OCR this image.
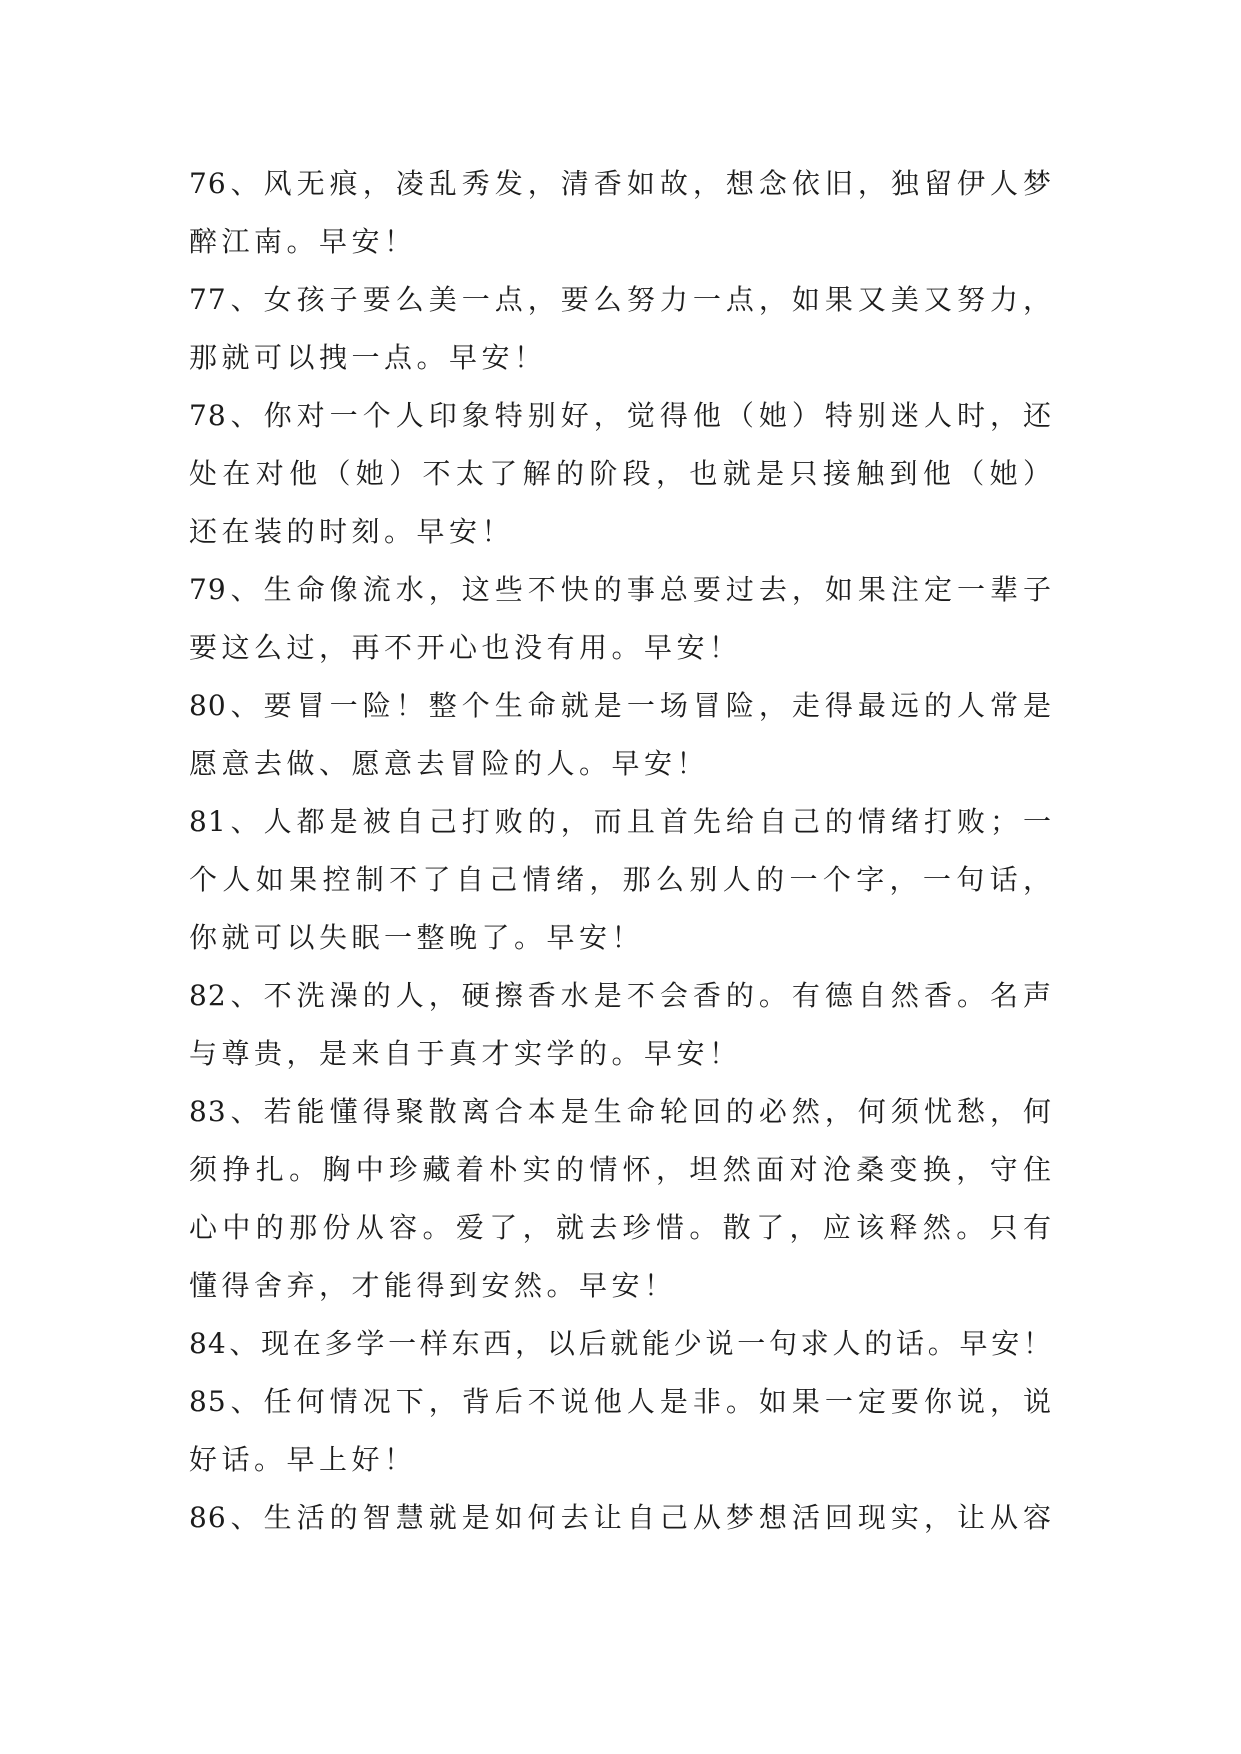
76、风无痕，凌乱秀发，清香如故，想念依旧，独留伊人梦
醉江南。早安！
77、女孩子要么美一点，要么努力一点，如果又美又努力，
那就可以拽一点。早安！
78、你对一个人印象特别好，觉得他（她）特别迷人时，还
处在对他（她）不太了解的阶段，也就是只接触到他（她）
还在装的时刻。早安！
79、生命像流水，这些不快的事总要过去，如果注定一辈子
要这么过，再不开心也没有用。早安！
80、要冒一险！整个生命就是一场冒险，走得最远的人常是
愿意去做、愿意去冒险的人。早安！
81、人都是被自己打败的，而且首先给自己的情绪打败；一
个人如果控制不了自己情绪，那么别人的一个字，一句话，
你就可以失眠一整晚了。早安！
82、不洗澡的人，硬擦香水是不会香的。有德自然香。名声
与尊贵，是来自于真才实学的。早安！
83、若能懂得聚散离合本是生命轮回的必然，何须忧愁，何
须挣扎。胸中珍藏着朴实的情怀，坦然面对沧桑变换，守住
心中的那份从容。爱了，就去珍惜。散了，应该释然。只有
懂得舍弃，才能得到安然。早安！
84、现在多学一样东西，以后就能少说一句求人的话。早安！
85、任何情况下，背后不说他人是非。如果一定要你说，说
好话。早上好！
86、生活的智慧就是如何去让自己从梦想活回现实，让从容
